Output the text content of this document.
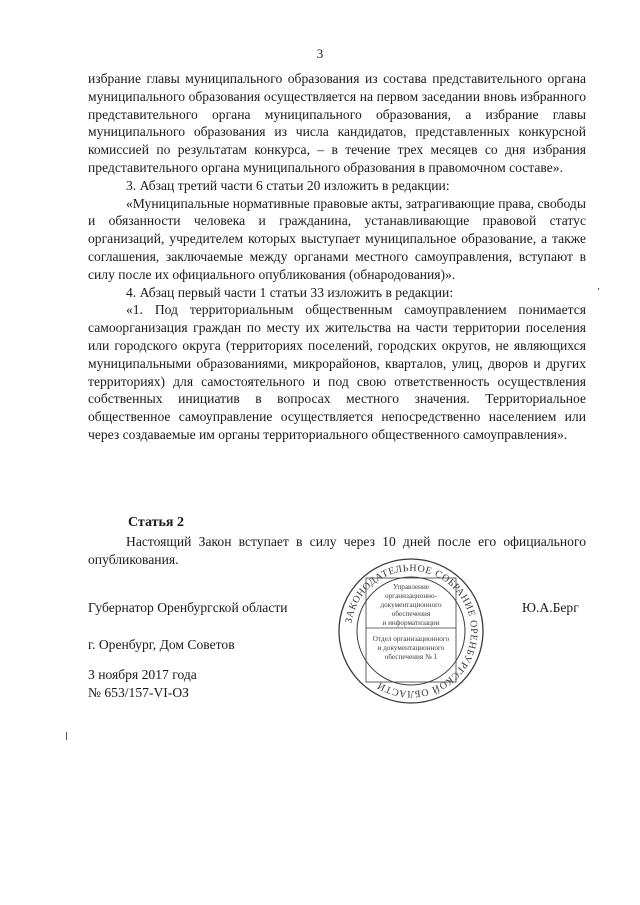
3

избрание главы муниципального образования из состава представительного органа муниципального образования осуществляется на первом заседании вновь избранного представительного органа муниципального образования, а избрание главы муниципального образования из числа кандидатов, представленных конкурсной комиссией по результатам конкурса, – в течение трех месяцев со дня избрания представительного органа муниципального образования в правомочном составе».

3. Абзац третий части 6 статьи 20 изложить в редакции:

«Муниципальные нормативные правовые акты, затрагивающие права, свободы и обязанности человека и гражданина, устанавливающие правовой статус организаций, учредителем которых выступает муниципальное образование, а также соглашения, заключаемые между органами местного самоуправления, вступают в силу после их официального опубликования (обнародования)».

4. Абзац первый части 1 статьи 33 изложить в редакции:

«1. Под территориальным общественным самоуправлением понимается самоорганизация граждан по месту их жительства на части территории поселения или городского округа (территориях поселений, городских округов, не являющихся муниципальными образованиями, микрорайонов, кварталов, улиц, дворов и других территориях) для самостоятельного и под свою ответственность осуществления собственных инициатив в вопросах местного значения. Территориальное общественное самоуправление осуществляется непосредственно населением или через создаваемые им органы территориального общественного самоуправления».

Статья 2

Настоящий Закон вступает в силу через 10 дней после его официального опубликования.

Губернатор Оренбургской области	Ю.А.Берг
г. Оренбург, Дом Советов
3 ноября 2017 года
№ 653/157-VI-ОЗ
ЗАКОНОДАТЕЛЬНОЕ СОБРАНИЕ ОРЕНБУРГСКОЙ ОБЛАСТИ
Управление
организационно-
документационного
обеспечения
и информатизации
Отдел организационного
и документационного
обеспечения № 1
